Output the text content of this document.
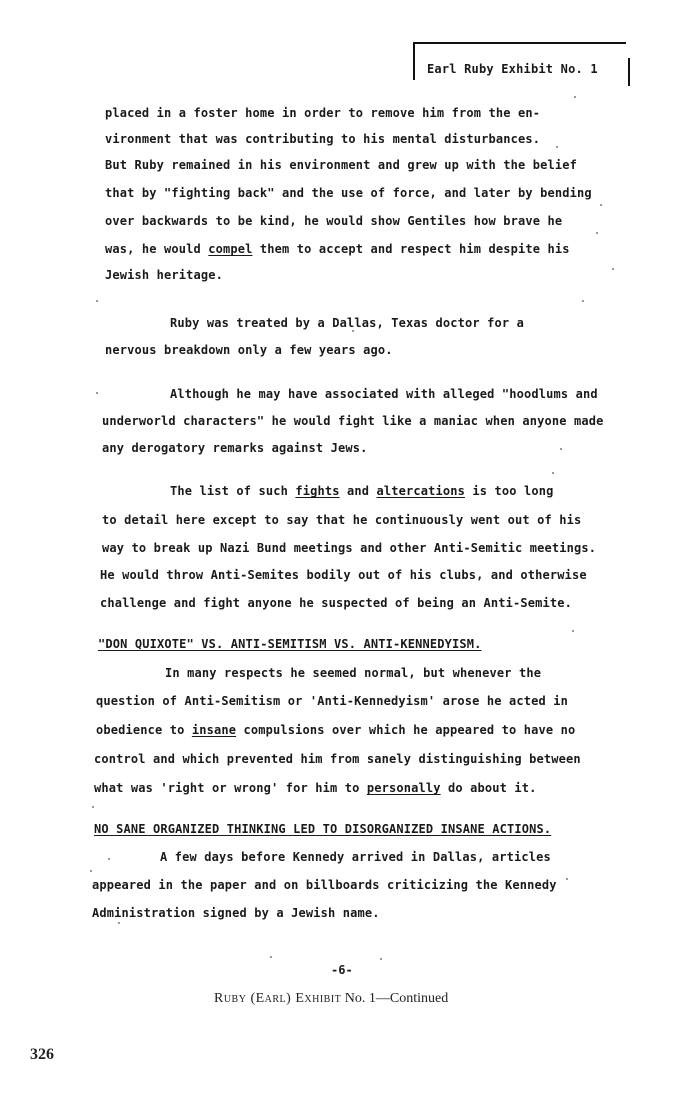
Earl Ruby Exhibit No. 1
placed in a foster home in order to remove him from the en-
vironment that was contributing to his mental disturbances.
But Ruby remained in his environment and grew up with the belief
that by "fighting back" and the use of force, and later by bending
over backwards to be kind, he would show Gentiles how brave he
was, he would compel them to accept and respect him despite his
Jewish heritage.
Ruby was treated by a Dallas, Texas doctor for a
nervous breakdown only a few years ago.
Although he may have associated with alleged "hoodlums and
underworld characters" he would fight like a maniac when anyone made
any derogatory remarks against Jews.
The list of such fights and altercations is too long
to detail here except to say that he continuously went out of his
way to break up Nazi Bund meetings and other Anti-Semitic meetings.
He would throw Anti-Semites bodily out of his clubs, and otherwise
challenge and fight anyone he suspected of being an Anti-Semite.
"DON QUIXOTE" VS. ANTI-SEMITISM VS. ANTI-KENNEDYISM.
In many respects he seemed normal, but whenever the
question of Anti-Semitism or 'Anti-Kennedyism' arose he acted in
obedience to insane compulsions over which he appeared to have no
control and which prevented him from sanely distinguishing between
what was 'right or wrong' for him to personally do about it.
NO SANE ORGANIZED THINKING LED TO DISORGANIZED INSANE ACTIONS.
A few days before Kennedy arrived in Dallas, articles
appeared in the paper and on billboards criticizing the Kennedy
Administration signed by a Jewish name.
-6-
Ruby (Earl) Exhibit No. 1—Continued
326
